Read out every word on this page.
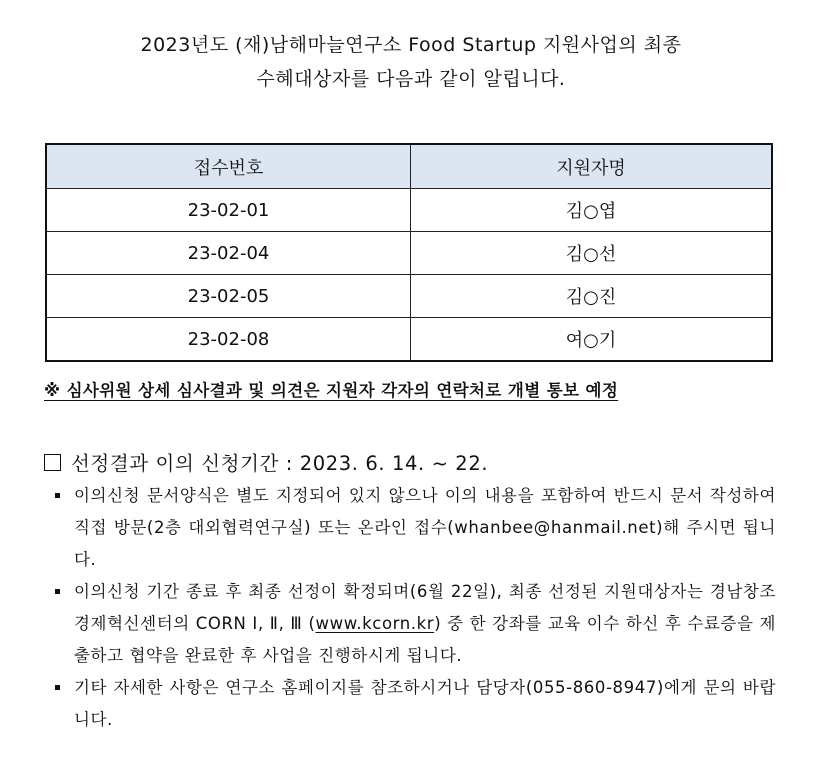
2023년도 (재)남해마늘연구소 Food Startup 지원사업의 최종
수혜대상자를 다음과 같이 알립니다.
접수번호	지원자명
23-02-01	김○엽
23-02-04	김○선
23-02-05	김○진
23-02-08	여○기
※ 심사위원 상세 심사결과 및 의견은 지원자 각자의 연락처로 개별 통보 예정
선정결과 이의 신청기간 : 2023. 6. 14. ~ 22.
이의신청 문서양식은 별도 지정되어 있지 않으나 이의 내용을 포함하여 반드시 문서 작성하여 직접 방문(2층 대외협력연구실) 또는 온라인 접수(whanbee@hanmail.net)해 주시면 됩니다.
이의신청 기간 종료 후 최종 선정이 확정되며(6월 22일), 최종 선정된 지원대상자는 경남창조경제혁신센터의 CORN Ⅰ, Ⅱ, Ⅲ (www.kcorn.kr) 중 한 강좌를 교육 이수 하신 후 수료증을 제출하고 협약을 완료한 후 사업을 진행하시게 됩니다.
기타 자세한 사항은 연구소 홈페이지를 참조하시거나 담당자(055-860-8947)에게 문의 바랍니다.
